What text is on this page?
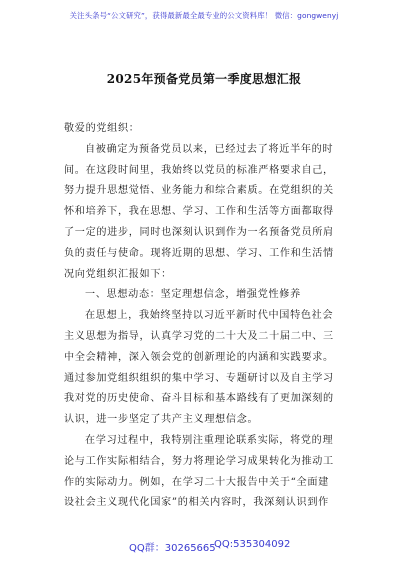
关注头条号“公文研究”，获得最新最全最专业的公文资料库！ 微信：gongwenyj
2025年预备党员第一季度思想汇报
敬爱的党组织：
自被确定为预备党员以来，已经过去了将近半年的时
间。在这段时间里，我始终以党员的标准严格要求自己，
努力提升思想觉悟、业务能力和综合素质。在党组织的关
怀和培养下，我在思想、学习、工作和生活等方面都取得
了一定的进步，同时也深刻认识到作为一名预备党员所肩
负的责任与使命。现将近期的思想、学习、工作和生活情
况向党组织汇报如下：
一、思想动态：坚定理想信念，增强党性修养
在思想上，我始终坚持以习近平新时代中国特色社会
主义思想为指导，认真学习党的二十大及二十届二中、三
中全会精神，深入领会党的创新理论的内涵和实践要求。
通过参加党组织组织的集中学习、专题研讨以及自主学习
我对党的历史使命、奋斗目标和基本路线有了更加深刻的
认识，进一步坚定了共产主义理想信念。
在学习过程中，我特别注重理论联系实际，将党的理
论与工作实际相结合，努力将理论学习成果转化为推动工
作的实际动力。例如，在学习二十大报告中关于“全面建
设社会主义现代化国家”的相关内容时，我深刻认识到作
QQ群：30265665
QQ:535304092
